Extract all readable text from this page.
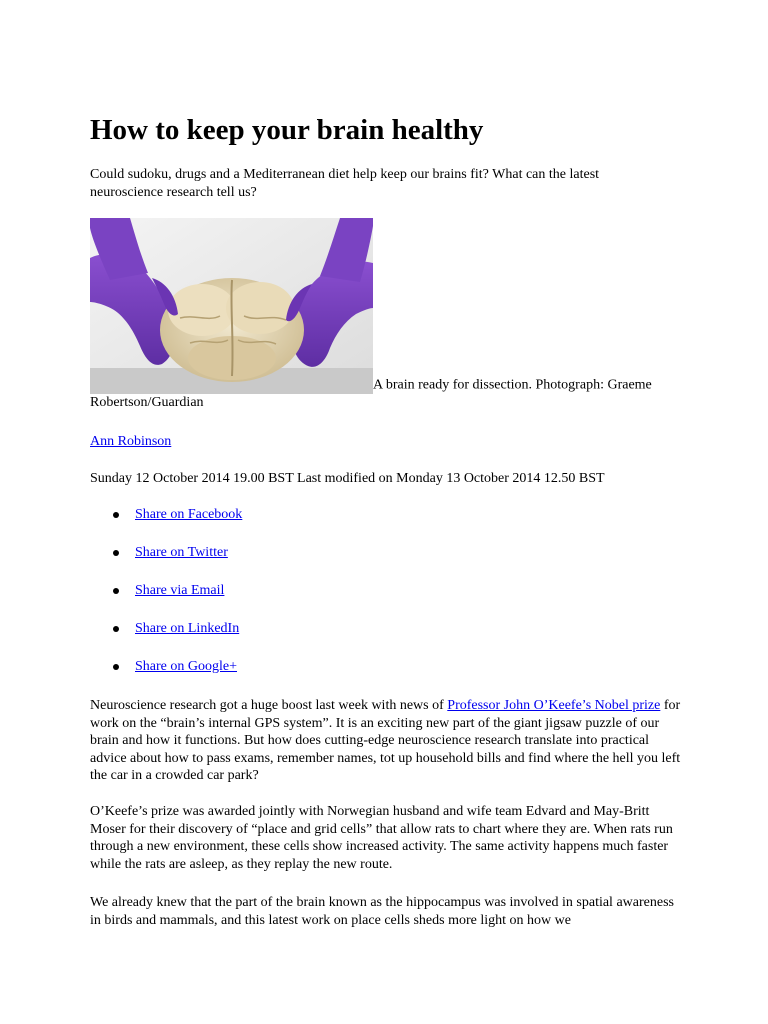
How to keep your brain healthy

Could sudoku, drugs and a Mediterranean diet help keep our brains fit? What can the latest neuroscience research tell us?

A brain ready for dissection. Photograph: Graeme Robertson/Guardian

Ann Robinson

Sunday 12 October 2014 19.00 BST Last modified on Monday 13 October 2014 12.50 BST

Share on Facebook
Share on Twitter
Share via Email
Share on LinkedIn
Share on Google+

Neuroscience research got a huge boost last week with news of Professor John O’Keefe’s Nobel prize for work on the “brain’s internal GPS system”. It is an exciting new part of the giant jigsaw puzzle of our brain and how it functions. But how does cutting-edge neuroscience research translate into practical advice about how to pass exams, remember names, tot up household bills and find where the hell you left the car in a crowded car park?

O’Keefe’s prize was awarded jointly with Norwegian husband and wife team Edvard and May-Britt Moser for their discovery of “place and grid cells” that allow rats to chart where they are. When rats run through a new environment, these cells show increased activity. The same activity happens much faster while the rats are asleep, as they replay the new route.

We already knew that the part of the brain known as the hippocampus was involved in spatial awareness in birds and mammals, and this latest work on place cells sheds more light on how we
